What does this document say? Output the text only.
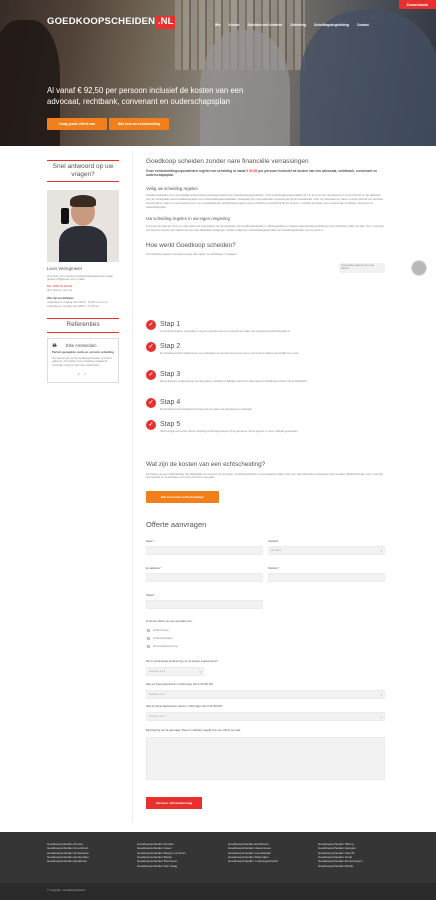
GOEDKOOPSCHEIDEN .NL
Downloads
Wie	Kosten	Scheiden met kinderen	Uitvoering	Scheidingsbegeleiding	Contact
Al vanaf € 92,50 per persoon inclusief de kosten van een advocaat, rechtbank, convenant en ouderschapsplan
Vraag gratis offerte aan	Wat kost uw echtscheiding
Snel antwoord op uw vragen?
Leon Veringmeier
Ons team van ervaren echtscheidingsadviseurs staat geheel vrijblijvend voor u klaar.
Bel: (085) 23 14 002
(€ 0,10/pm) met ons
Wij zijn bereikbaar:
maandag t/m vrijdag van 09:00 - 22:00 uur en op zaterdag en zondag van 09:00 - 17:00 uur.
Referenties
❝ Else Amsterdam
Perfect geregelde snelle en correcte scheiding
Via internet zijn we bij Goedkoopscheiden.nl terecht gekomen. Ze hebben onze scheiding uitstekend verzorgd. Ik kan ze van harte aanbevelen.
‹ ›
Goedkoop scheiden zonder nare financiële verrassingen
Onze echtscheidingsspecialisten regelen uw scheiding al vanaf € 92,50 per persoon inclusief de kosten van een advocaat, rechtbank, convenant en ouderschapsplan.
Veilig uw scheiding regelen
Goedkoopscheiden.nl is een landelijk werkend samenwerkingsverband van echtscheidingsspecialisten. Onze echtscheidingsspecialisten bij u in de buurt zijn ingeschreven in het tuchtrecht en zijn daardoor voor de rechtspraak erkend kwaliteitsregister voor echtscheidingsbemiddelaars. Daarnaast zijn onze advocaten ingeschreven bij de Nederlandse Orde van Advocaten en staan zij onder toezicht van de Raad van Discipline. Indien u in aanmerking komt voor gesubsidieerde rechtsbijstand regelen wij uw scheiding al vanaf € 92,50 per persoon - inclusief de kosten van uw advocaat, rechtbank, convenant en ouderschapsplan.
Uw scheiding regelen in uw eigen omgeving
In de loop der tijd zien meer en meer stellen de meerwaarde van de werkwijze van Goedkoopscheiden.nl. Wij begeleiden en regelen tegenwoordig scheidingen van honderden stellen per jaar. Ons u nog beter van dienst te kunnen zijn hebben wij over heel Nederland vestigingen. Zodat er altijd een echtscheidingsspecialist van Goedkoopscheiden.nl in de buurt is.
Hoe werkt Goedkoop scheiden?
Uw scheiding regelen is heel eenvoudig. Wij regelen uw scheiding in 5 stappen:
Goedendag, waar kan ik u mee helpen?
✓ Stap 1
U vult de formulieren zorgvuldig in voor het opstellen van het convenant en indien van toepassing ouderschapsplan in.
✓ Stap 2
De scheidingscoach maakt binnen een werkdagen de concept documenten op en neemt deze stukken persoonlijk met u door.
✓ Stap 3
Na uw akkoord, ondertekening van alle stukken, betaling en tijdelijke intent onze advocaat het scheidingsverzoek in bij de Rechtbank.
✓ Stap 4
De Rechtbank doet intentieformeel twee tot vier weken na ontvangst een uitspraak.
✓ Stap 5
Hierna zorgen we ervoor dat de scheiding wordt ingeschreven bij de gemeente; als dit gebeurt is, bent u officieel gescheiden.
Wat zijn de kosten van een echtscheiding?
De kosten van een echtscheiding zijn afhankelijk van inkomen en vermogen. Goedkoopscheiden.nl is transparant zodat u niet voor zare financiële verrassingen komt te staan. Bekijk hieronder voor u ook wat het nog kost om te scheiden met u kunt vooruit en nog geen.
Wat kost mijn echtscheiding?
Offerte aanvragen
Naam *	Geslacht
Dhr./Mevr. ▾
E-mailadres *	Telefoon *
Plaats *
Ik wil een offerte van een specialist voor:
Echtscheiding
Ouderschapsplan
Alimentatieberekening
Zijn er minderjarige kinderen bij u of uw partner ingeschreven?
Selecteer a.u.b. ▾
Was uw bruto jaarinkomen in 2016 lager dan € 26.000,00?
Selecteer a.u.b. ▾
Was het bruto jaarinkomen partner in 2016 lager dan € 26.000,00?
Selecteer a.u.b. ▾
Beschrijving van de aanvraag: Wees zo volledig mogelijk voor een offerte op maat.
Verstuur offerteaanvraag
Goedkoopscheiden Almere
Goedkoopscheiden Amersfoort
Goedkoopscheiden Amstelveen
Goedkoopscheiden Amsterdam
Goedkoopscheiden Apeldoorn
Goedkoopscheiden Arnhem
Goedkoopscheiden Assen
Goedkoopscheiden Bergen op Zoom
Goedkoopscheiden Breda
Goedkoopscheiden Brunssum
Goedkoopscheiden Den Haag
Goedkoopscheiden Eindhoven
Goedkoopscheiden Heerenveen
Goedkoopscheiden Leeuwarden
Goedkoopscheiden Rotterdam
Goedkoopscheiden 's-Hertogenbosch
Goedkoopscheiden Tilburg
Goedkoopscheiden Hengelo
Goedkoopscheiden Utrecht
Goedkoopscheiden Venlo
Goedkoopscheiden Zevenbergen
Goedkoopscheiden Zwolle
© Copyright - Goedkoopscheiden
